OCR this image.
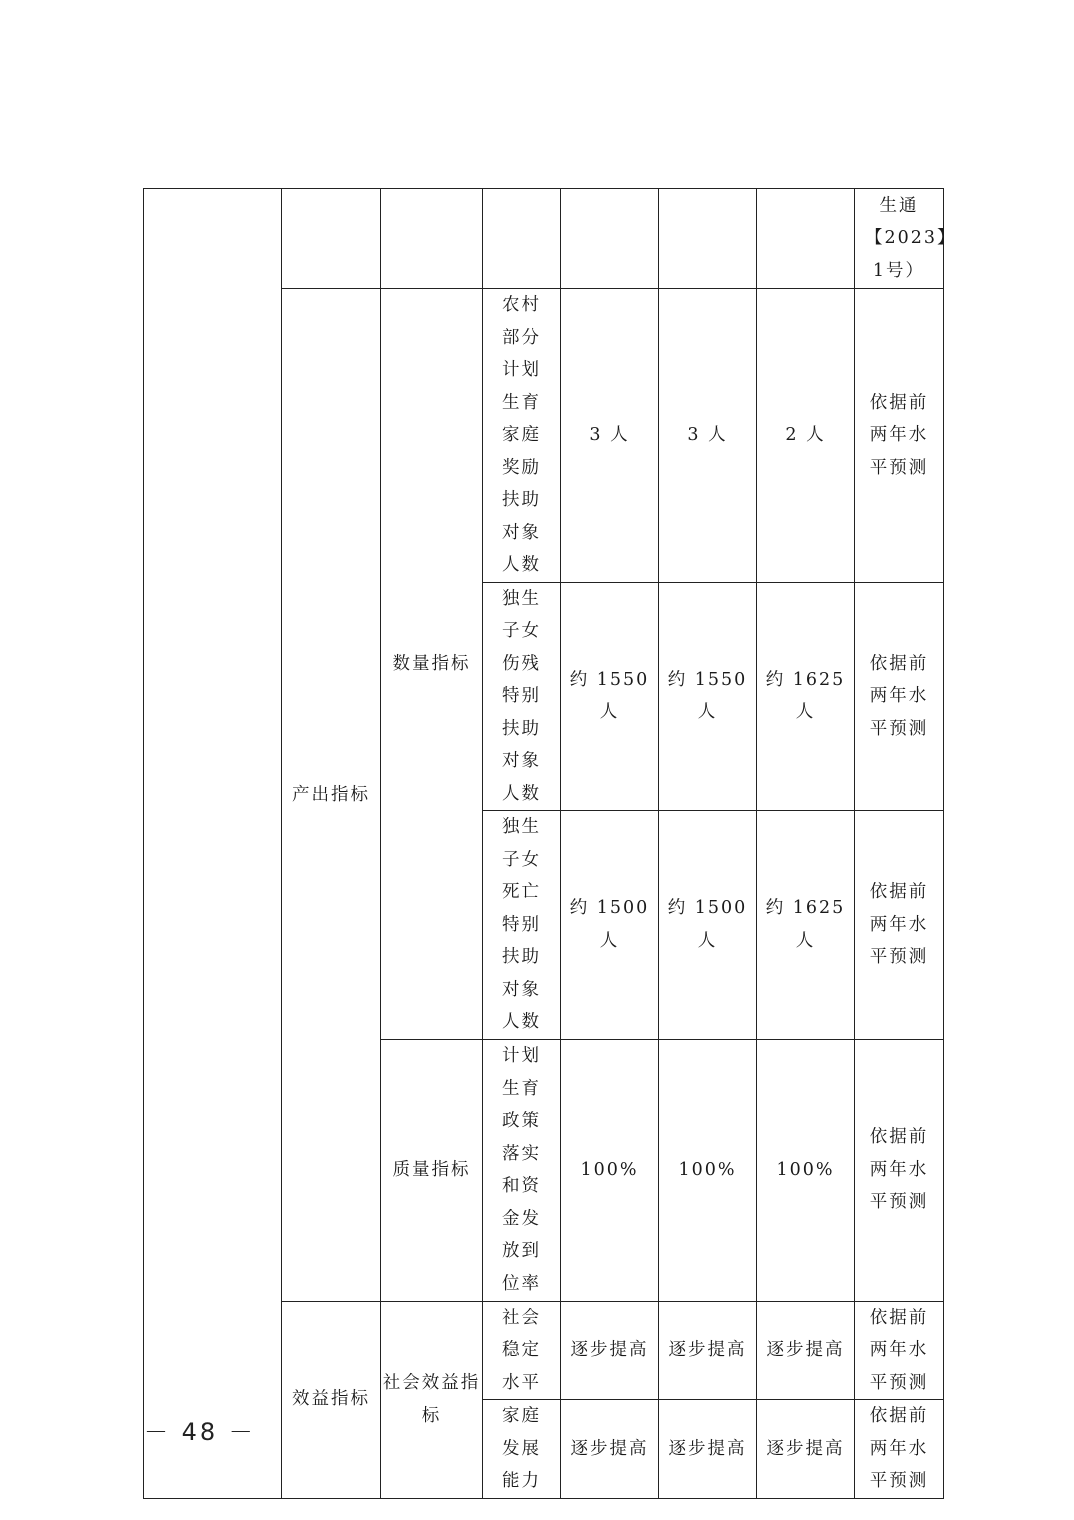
							生通【2023】1号）
	产出指标	数量指标	农村部分计划生育家庭奖励扶助对象人数	3 人	3 人	2 人	依据前两年水平预测
			独生子女伤残特别扶助对象人数	约 1550 人	约 1550 人	约 1625 人	依据前两年水平预测
			独生子女死亡特别扶助对象人数	约 1500 人	约 1500 人	约 1625 人	依据前两年水平预测
		质量指标	计划生育政策落实和资金发放到位率	100%	100%	100%	依据前两年水平预测
	效益指标	社会效益指标	社会稳定水平	逐步提高	逐步提高	逐步提高	依据前两年水平预测
			家庭发展能力	逐步提高	逐步提高	逐步提高	依据前两年水平预测
－ 48 －
